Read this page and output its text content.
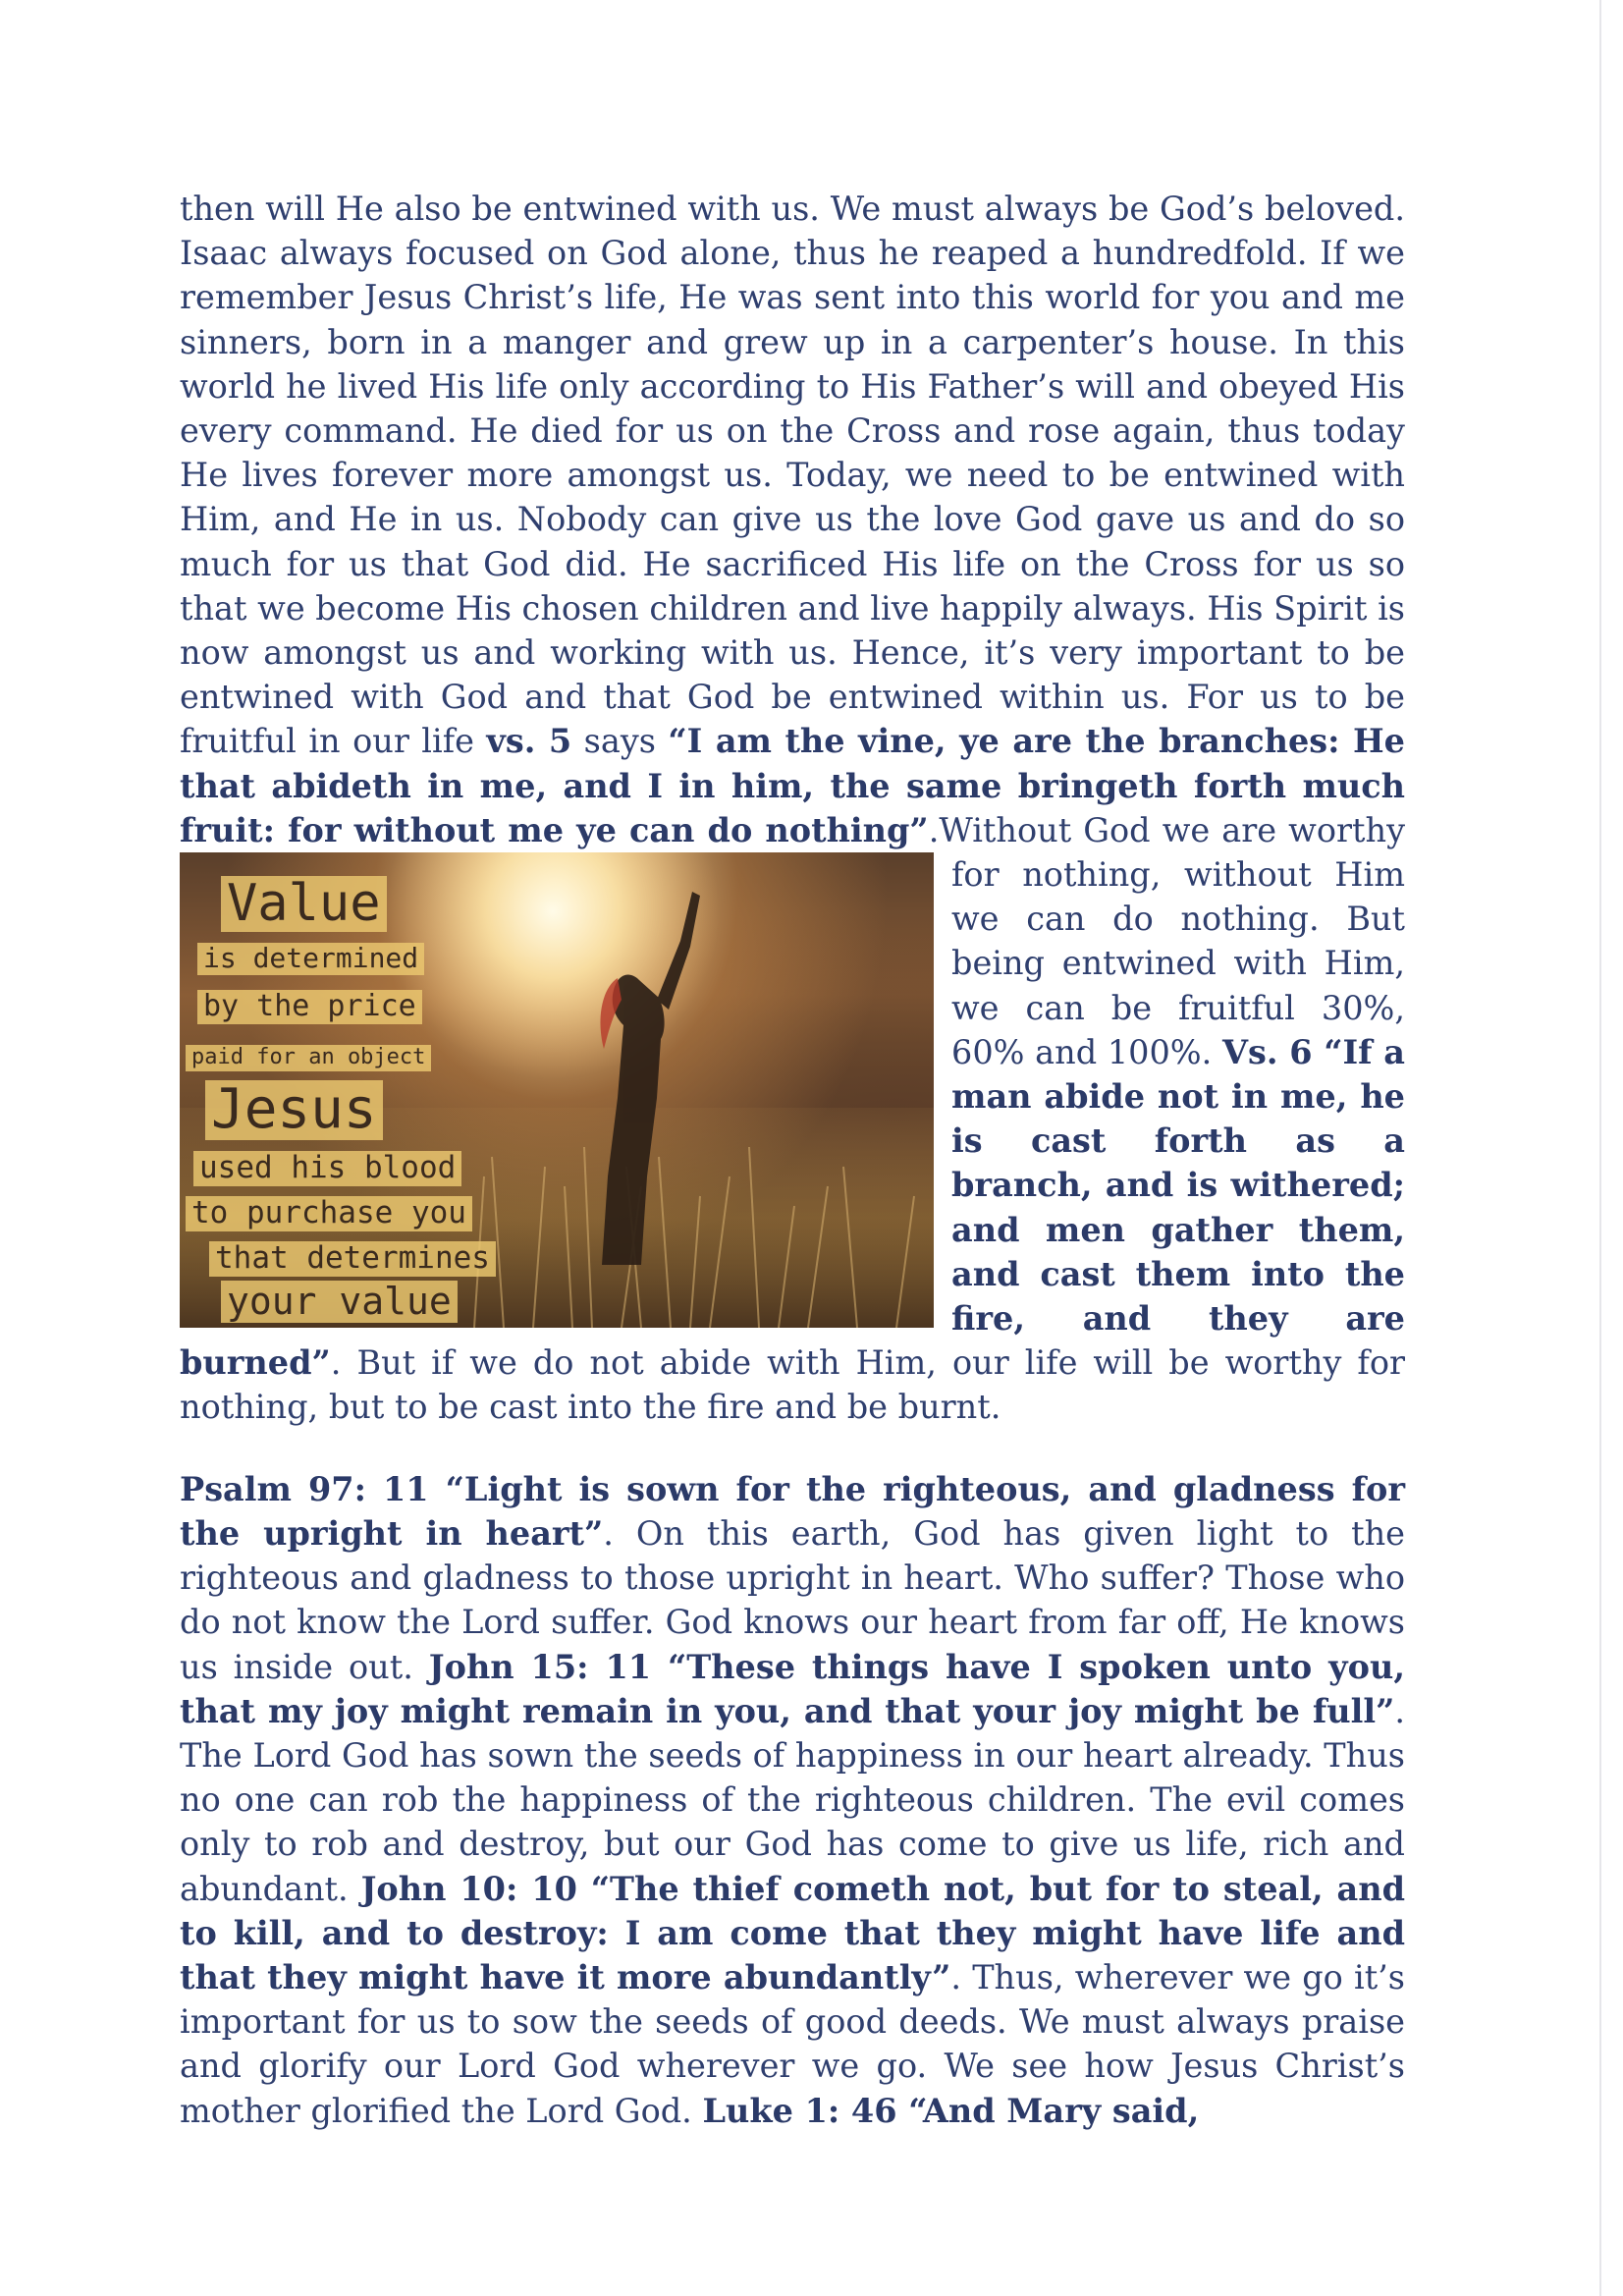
then will He also be entwined with us. We must always be God’s beloved. Isaac always focused on God alone, thus he reaped a hundredfold. If we remember Jesus Christ’s life, He was sent into this world for you and me sinners, born in a manger and grew up in a carpenter’s house. In this world he lived His life only according to His Father’s will and obeyed His every command. He died for us on the Cross and rose again, thus today He lives forever more amongst us. Today, we need to be entwined with Him, and He in us. Nobody can give us the love God gave us and do so much for us that God did. He sacrificed His life on the Cross for us so that we become His chosen children and live happily always. His Spirit is now amongst us and working with us. Hence, it’s very important to be entwined with God and that God be entwined within us. For us to be fruitful in our life vs. 5 says “I am the vine, ye are the branches: He that abideth in me, and I in him, the same bringeth forth much fruit: for without me ye can do nothing”.
Value
is determined
by the price
paid for an object
Jesus
used his blood
to purchase you
that determines
your value
Without God we are worthy for nothing, without Him we can do nothing. But being entwined with Him, we can be fruitful 30%, 60% and 100%. Vs. 6 “If a man abide not in me, he is cast forth as a branch, and is withered; and men gather them, and cast them into the fire, and they are burned”. But if we do not abide with Him, our life will be worthy for nothing, but to be cast into the fire and be burnt.

Psalm 97: 11 “Light is sown for the righteous, and gladness for the upright in heart”. On this earth, God has given light to the righteous and gladness to those upright in heart. Who suffer? Those who do not know the Lord suffer. God knows our heart from far off, He knows us inside out. John 15: 11 “These things have I spoken unto you, that my joy might remain in you, and that your joy might be full”. The Lord God has sown the seeds of happiness in our heart already. Thus no one can rob the happiness of the righteous children. The evil comes only to rob and destroy, but our God has come to give us life, rich and abundant. John 10: 10 “The thief cometh not, but for to steal, and to kill, and to destroy: I am come that they might have life and that they might have it more abundantly”. Thus, wherever we go it’s important for us to sow the seeds of good deeds. We must always praise and glorify our Lord God wherever we go. We see how Jesus Christ’s mother glorified the Lord God. Luke 1: 46 “And Mary said,
